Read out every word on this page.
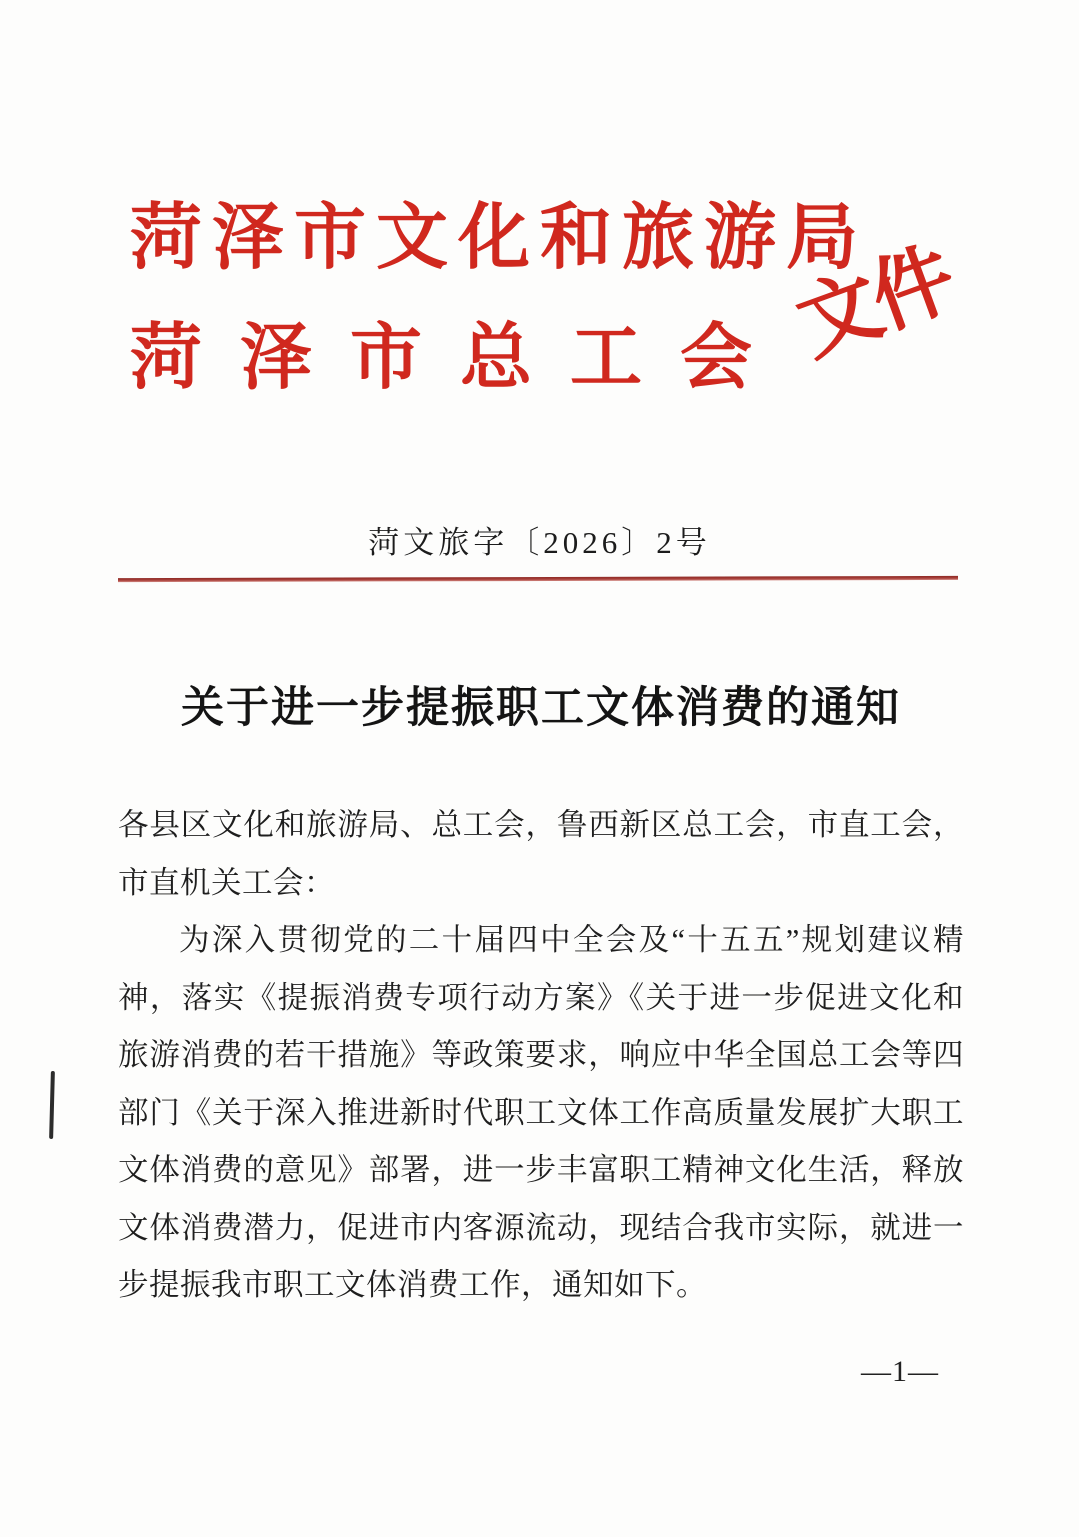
菏泽市文化和旅游局
菏泽市总工会
文件
菏文旅字〔2026〕2号
关于进一步提振职工文体消费的通知

各县区文化和旅游局、总工会，鲁西新区总工会，市直工会，市直机关工会：

为深入贯彻党的二十届四中全会及“十五五”规划建议精神，落实《提振消费专项行动方案》《关于进一步促进文化和旅游消费的若干措施》等政策要求，响应中华全国总工会等四部门《关于深入推进新时代职工文体工作高质量发展扩大职工文体消费的意见》部署，进一步丰富职工精神文化生活，释放文体消费潜力，促进市内客源流动，现结合我市实际，就进一步提振我市职工文体消费工作，通知如下。

—1—
